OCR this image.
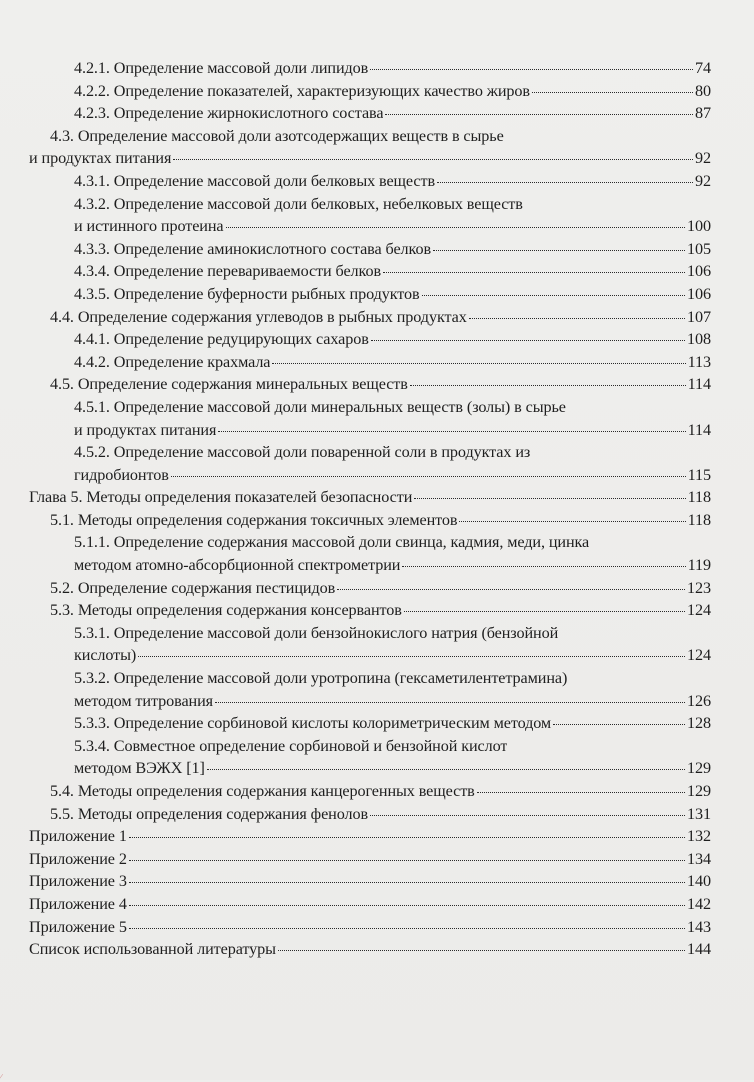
4.2.1. Определение массовой доли липидов	74
4.2.2. Определение показателей, характеризующих качество жиров	80
4.2.3. Определение жирнокислотного состава	87
4.3. Определение массовой доли азотсодержащих веществ в сырье
и продуктах питания	92
4.3.1. Определение массовой доли белковых веществ	92
4.3.2. Определение массовой доли белковых, небелковых веществ
и истинного протеина	100
4.3.3. Определение аминокислотного состава белков	105
4.3.4. Определение перевариваемости белков	106
4.3.5. Определение буферности рыбных продуктов	106
4.4. Определение содержания углеводов в рыбных продуктах	107
4.4.1. Определение редуцирующих сахаров	108
4.4.2. Определение крахмала	113
4.5. Определение содержания минеральных веществ	114
4.5.1. Определение массовой доли минеральных веществ (золы) в сырье
и продуктах питания	114
4.5.2. Определение массовой доли поваренной соли в продуктах из
гидробионтов	115
Глава 5. Методы определения показателей безопасности	118
5.1. Методы определения содержания токсичных элементов	118
5.1.1. Определение содержания массовой доли свинца, кадмия, меди, цинка
методом атомно-абсорбционной спектрометрии	119
5.2. Определение содержания пестицидов	123
5.3. Методы определения содержания консервантов	124
5.3.1. Определение массовой доли бензойнокислого натрия (бензойной
кислоты)	124
5.3.2. Определение массовой доли уротропина (гексаметилентетрамина)
методом титрования	126
5.3.3. Определение сорбиновой кислоты колориметрическим методом	128
5.3.4. Совместное определение сорбиновой и бензойной кислот
методом ВЭЖХ [1]	129
5.4. Методы определения содержания канцерогенных веществ	129
5.5. Методы определения содержания фенолов	131
Приложение 1	132
Приложение 2	134
Приложение 3	140
Приложение 4	142
Приложение 5	143
Список использованной литературы	144
∕
